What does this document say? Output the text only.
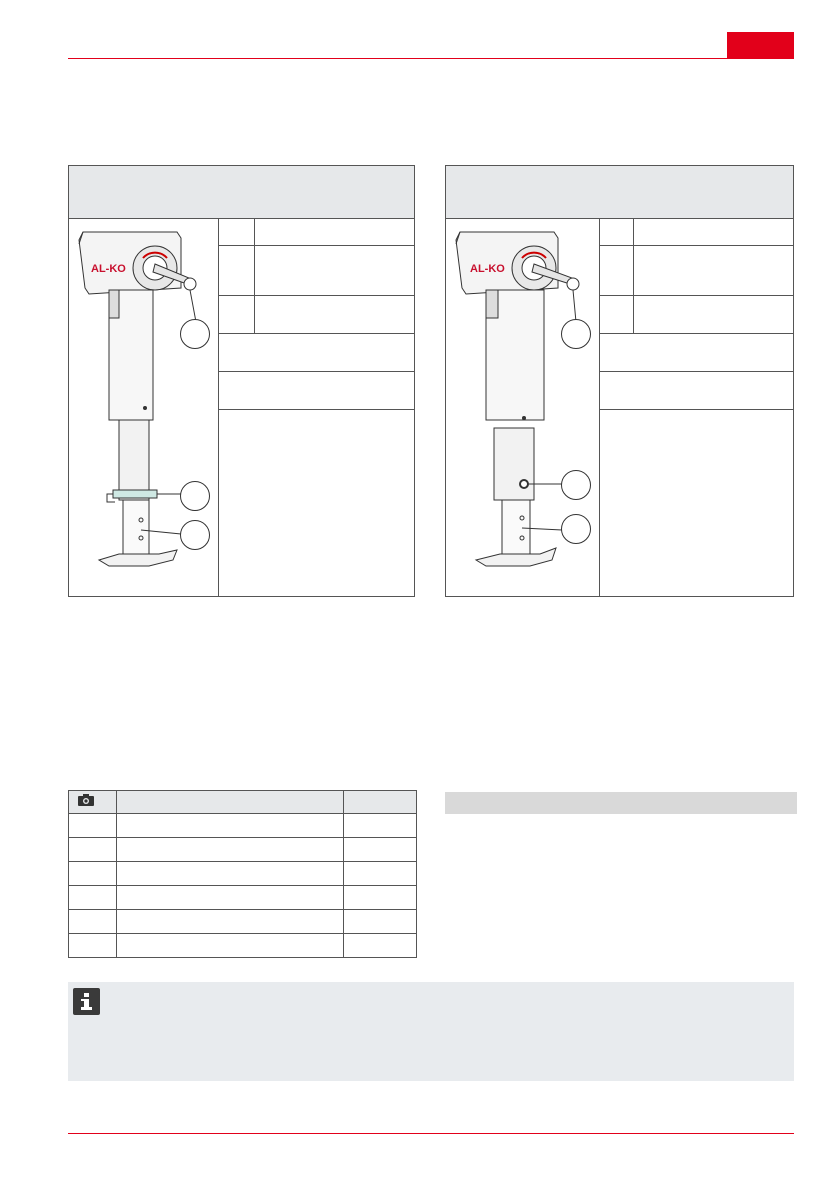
AL-KO	AL-KO
